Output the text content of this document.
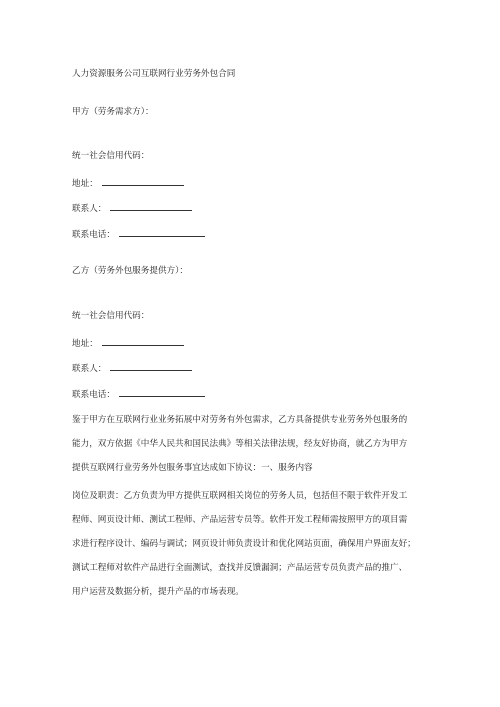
人力资源服务公司互联网行业劳务外包合同

甲方（劳务需求方）：

统一社会信用代码：

地址：

联系人：

联系电话：

乙方（劳务外包服务提供方）：

统一社会信用代码：

地址：

联系人：

联系电话：

鉴于甲方在互联网行业业务拓展中对劳务有外包需求，乙方具备提供专业劳务外包服务的
能力，双方依据《中华人民共和国民法典》等相关法律法规，经友好协商，就乙方为甲方
提供互联网行业劳务外包服务事宜达成如下协议：一、服务内容
岗位及职责：乙方负责为甲方提供互联网相关岗位的劳务人员，包括但不限于软件开发工
程师、网页设计师、测试工程师、产品运营专员等。软件开发工程师需按照甲方的项目需
求进行程序设计、编码与调试；网页设计师负责设计和优化网站页面，确保用户界面友好；
测试工程师对软件产品进行全面测试，查找并反馈漏洞；产品运营专员负责产品的推广、
用户运营及数据分析，提升产品的市场表现。
